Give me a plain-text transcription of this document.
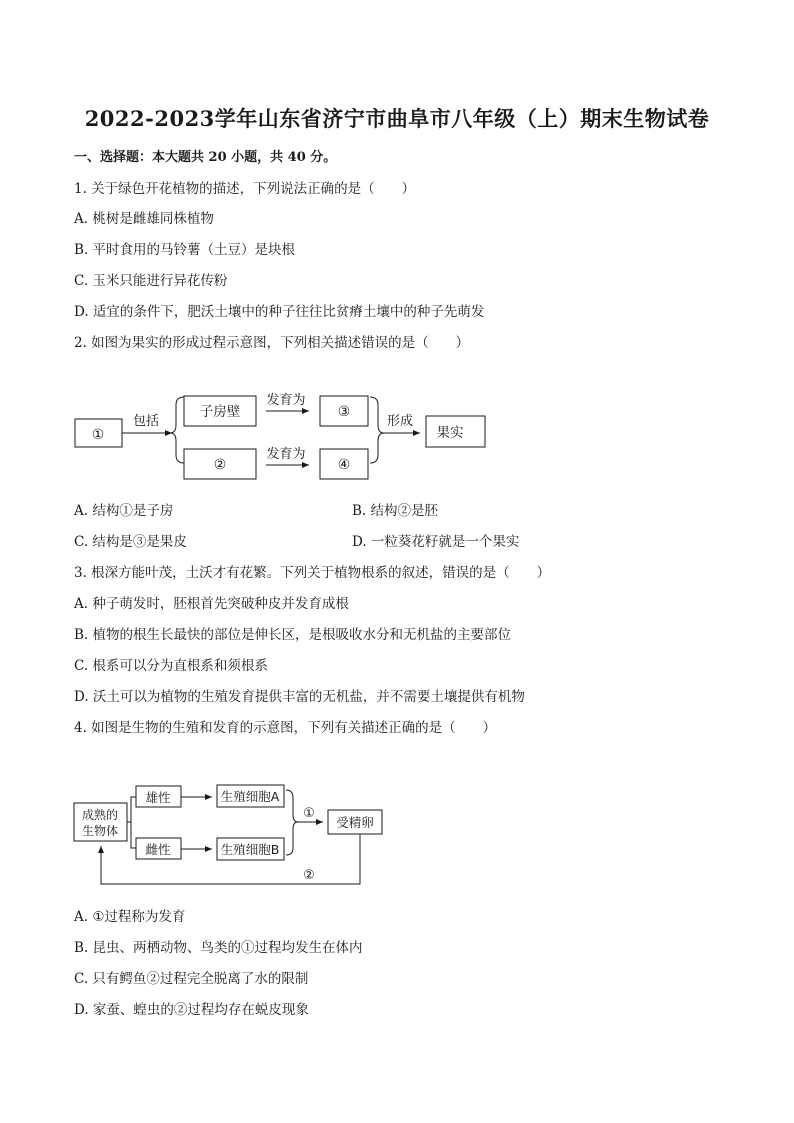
2022-2023学年山东省济宁市曲阜市八年级（上）期末生物试卷
一、选择题：本大题共 20 小题，共 40 分。
1. 关于绿色开花植物的描述，下列说法正确的是（　　）
A. 桃树是雌雄同株植物
B. 平时食用的马铃薯（土豆）是块根
C. 玉米只能进行异花传粉
D. 适宜的条件下，肥沃土壤中的种子往往比贫瘠土壤中的种子先萌发
2. 如图为果实的形成过程示意图，下列相关描述错误的是（　　）
①
包括
子房壁
②
发育为
发育为
③
④
形成
果实
成熟的
生物体
雄性
雌性
生殖细胞A
生殖细胞B
①
受精卵
②
A. 结构①是子房	B. 结构②是胚
C. 结构是③是果皮	D. 一粒葵花籽就是一个果实
3. 根深方能叶茂，土沃才有花繁。下列关于植物根系的叙述，错误的是（　　）
A. 种子萌发时，胚根首先突破种皮并发育成根
B. 植物的根生长最快的部位是伸长区，是根吸收水分和无机盐的主要部位
C. 根系可以分为直根系和须根系
D. 沃土可以为植物的生殖发育提供丰富的无机盐，并不需要土壤提供有机物
4. 如图是生物的生殖和发育的示意图，下列有关描述正确的是（　　）
A. ①过程称为发育
B. 昆虫、两栖动物、鸟类的①过程均发生在体内
C. 只有鳄鱼②过程完全脱离了水的限制
D. 家蚕、蝗虫的②过程均存在蜕皮现象
